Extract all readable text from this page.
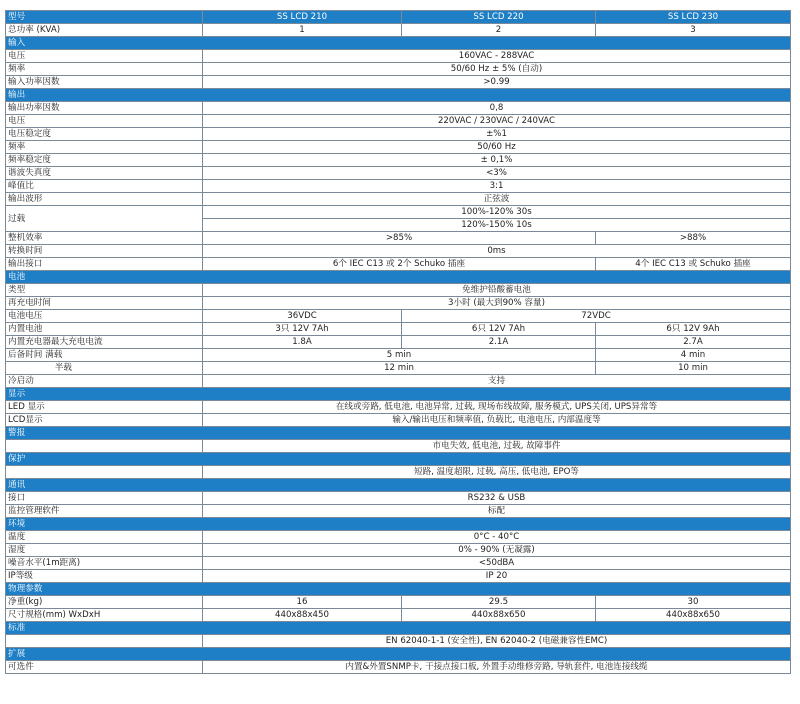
型号	SS LCD 210	SS LCD 220	SS LCD 230
总功率 (KVA)	1	2	3
输入			
电压	160VAC - 288VAC		
频率	50/60 Hz ± 5% (自动)		
输入功率因数	>0.99		
输出			
输出功率因数	0,8		
电压	220VAC / 230VAC / 240VAC		
电压稳定度	±%1		
频率	50/60 Hz		
频率稳定度	± 0,1%		
谐波失真度	<3%		
峰值比	3:1		
输出波形	正弦波		
过载	100%-120% 30s		
	120%-150% 10s		
整机效率	>85%		>88%
转换时间	0ms		
输出接口	6个 IEC C13 或 2个 Schuko 插座		4个 IEC C13 或 Schuko 插座
电池			
类型	免维护铅酸蓄电池		
再充电时间	3小时 (最大到90% 容量)		
电池电压	36VDC	72VDC	
内置电池	3只 12V 7Ah	6只 12V 7Ah	6只 12V 9Ah
内置充电器最大充电电流	1.8A	2.1A	2.7A
后备时间 满载	5 min		4 min
半载	12 min		10 min
冷启动	支持		
显示			
LED 显示	在线或旁路, 低电池, 电池异常, 过载, 现场布线故障, 服务模式, UPS关闭, UPS异常等		
LCD显示	输入/输出电压和频率值, 负载比, 电池电压, 内部温度等		
警报			
	市电失效, 低电池, 过载, 故障事件		
保护			
	短路, 温度超限, 过载, 高压, 低电池, EPO等		
通讯			
接口	RS232 & USB		
监控管理软件	标配		
环境			
温度	0°C - 40°C		
湿度	0% - 90% (无凝露)		
噪音水平(1m距离)	<50dBA		
IP等级	IP 20		
物理参数			
净重(kg)	16	29.5	30
尺寸规格(mm) WxDxH	440x88x450	440x88x650	440x88x650
标准			
	EN 62040-1-1 (安全性), EN 62040-2 (电磁兼容性EMC)		
扩展			
可选件	内置&外置SNMP卡, 干接点接口板, 外置手动维修旁路, 导轨套件, 电池连接线缆		
